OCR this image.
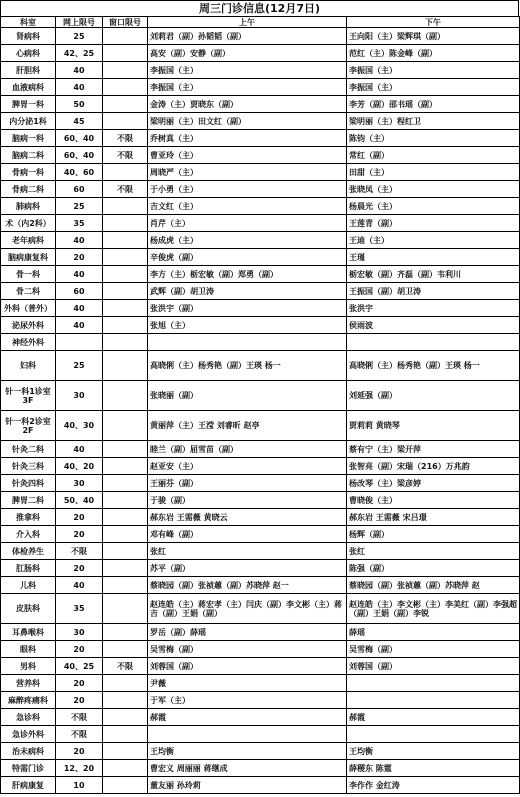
周三门诊信息(12月7日)
科室	网上限号	窗口限号	上午	下午
肾病科	25		刘莉君（副）孙韬韬（副）	王向阳（主）梁辉琪（副）
心病科	42、25		高安（副）安静（副）	范红（主）陈金峰（副）
肝胆科	40		李振国（主）	李振国（主）
血液病科	40		李振国（主）	李振国（主）
脾胃一科	50		金涛（主）贾晓东（副）	李芳（副）邵书瑶（副）
内分泌1科	45		梁明丽（主）田文红（副）	梁明丽（主）程红卫
脑病一科	60、40	不限	乔树真（主）	陈钧（主）
脑病二科	60、40	不限	曹亚玲（主）	常红（副）
骨病一科	40、60		周晓严（主）	田甜（主）
骨病二科	60	不限	于小勇（主）	张晓凤（主）
肺病科	25		吉文红（主）	杨晨光（主）
术（内2科）	35		肖芹（主）	王莲青（副）
老年病科	40		杨成虎（主）	王迪（主）
脑病康复科	20		辛俊虎（副）	王瑾
骨一科	40		李方（主）栃宏敏（副）郑勇（副）	栃宏敏（副）齐磊（副）韦利川
骨二科	60		武辉（副）胡卫涛	王振国（副）胡卫涛
外科（普外）	40		张洪宇（副）	张洪宇
泌尿外科	40		张旭（主）	侯雨波
神经外科				
妇科	25		高晓俐（主）杨秀艳（副）王瑛 杨一	高晓俐（主）杨秀艳（副）王瑛 杨一
针一科1诊室3F	30		张晓丽（副）	刘延强（副）
针一科2诊室2F	40、30		黄丽萍（主）王滢 刘睿昕 赵亭	贾莉莉 黄晓琴
针灸二科	40		睦兰（副）屈雪苗（副）	蔡有宁（主）梁开萍
针灸三科	40、20		赵亚安（主）	张智亮（副）宋瑞（216）万兆韵
针灸四科	30		王丽芬（副）	杨改琴（主）梁彦婷
脾胃二科	50、40		于骏（副）	曹晓俊（主）
推拿科	20		郝东岩 王需薇 黄晓云	郝东岩 王需薇 宋吕璟
介入科	20		邓有峰（副）	杨辉（副）
体检养生	不限		张红	张红
肛肠科	20		苏平（副）	陈强（副）
儿科	40		蔡晓园（副）张祯蕙（副）苏晓萍 赵一	蔡晓园（副）张祯蕙（副）苏晓萍 赵
皮肤科	35		赵连皓（主）蒋宏孝（主）闫庆（副）李文彬（主）蒋吉（副）王娟（副）	赵连皓（主）李文彬（主）李美红（副）李强超（副）王娟（副）李锐
耳鼻喉科	30		罗岳（副）薛瑶	薛瑶
眼科	20		吴雪梅（副）	吴雪梅（副）
男科	40、25	不限	刘蓉国（副）	刘蓉国（副）
营养科	20		尹薇	
麻醉疼痛科	20		于军（主）	
急诊科	不限		郝霞	郝霞
急诊外科	不限			
治未病科	20		王均衡	王均衡
特需门诊	12、20		曹宏义 周丽丽 蒋继成	薛稷东 陈霆
肝病康复	10		董友丽 孙玲莉	李作作 金红涛
